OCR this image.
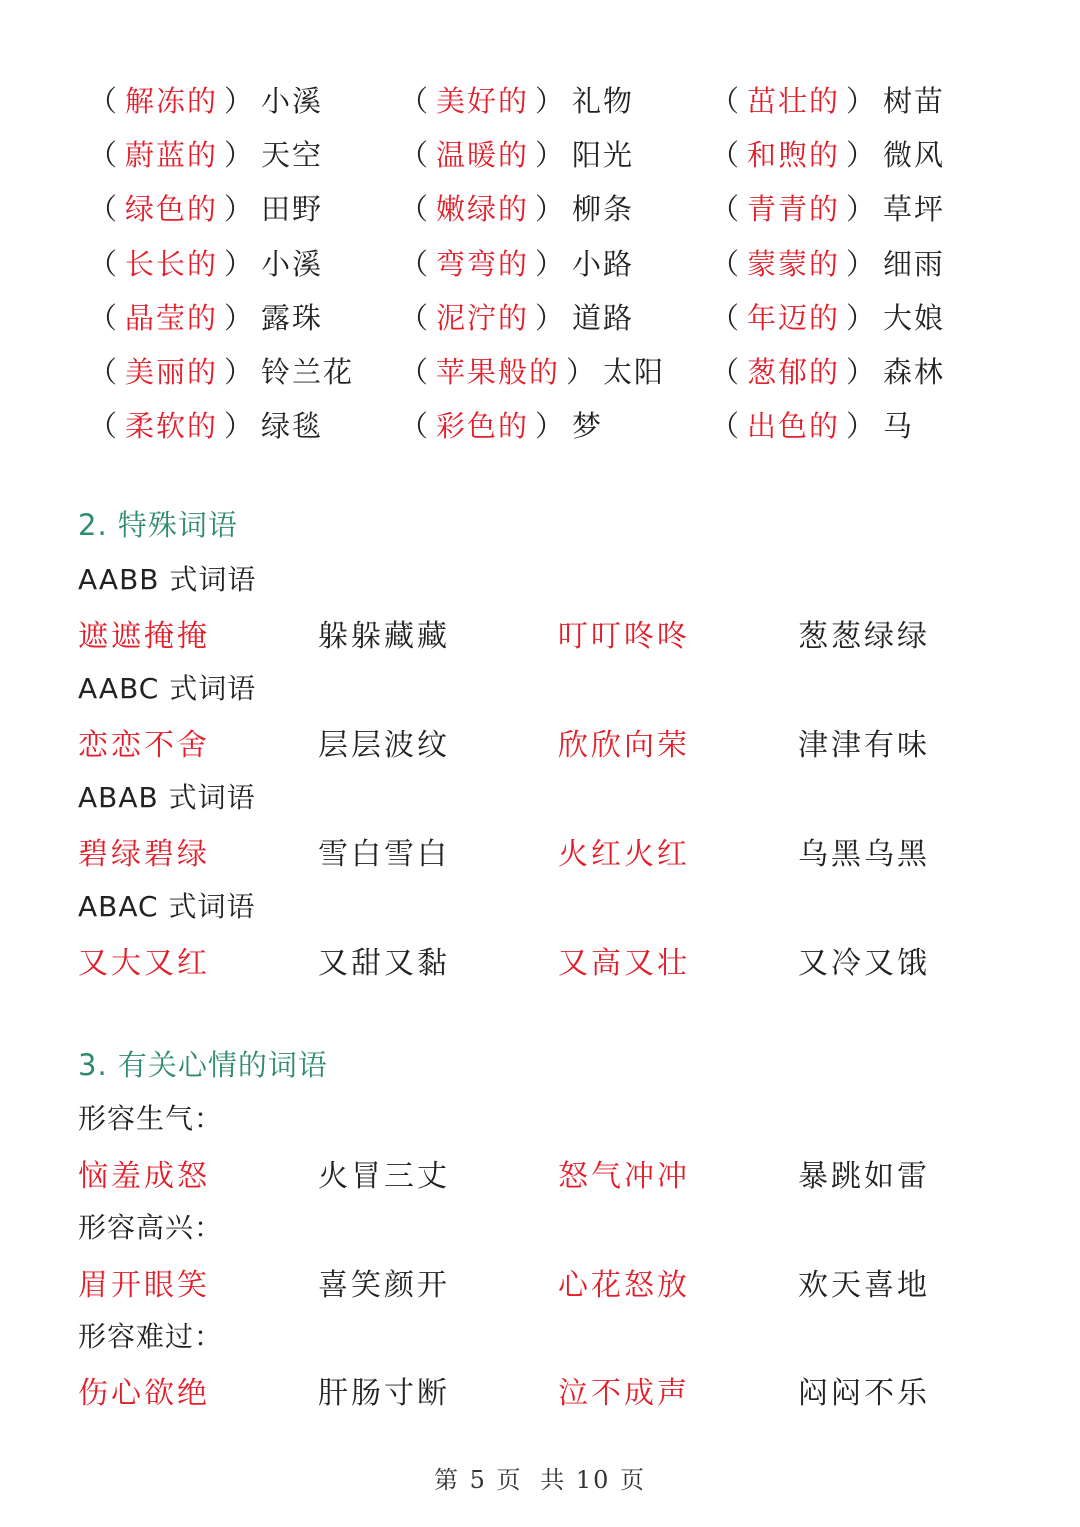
（ 解冻的 ） 小溪	（ 美好的 ） 礼物	（ 茁壮的 ） 树苗
（ 蔚蓝的 ） 天空	（ 温暖的 ） 阳光	（ 和煦的 ） 微风
（ 绿色的 ） 田野	（ 嫩绿的 ） 柳条	（ 青青的 ） 草坪
（ 长长的 ） 小溪	（ 弯弯的 ） 小路	（ 蒙蒙的 ） 细雨
（ 晶莹的 ） 露珠	（ 泥泞的 ） 道路	（ 年迈的 ） 大娘
（ 美丽的 ） 铃兰花 （ 苹果般的 ） 太阳 （ 葱郁的 ） 森林
（ 柔软的 ） 绿毯	（ 彩色的 ） 梦	（ 出色的 ） 马
2. 特殊词语
AABB 式词语
遮遮掩掩	躲躲藏藏	叮叮咚咚	葱葱绿绿
AABC 式词语
恋恋不舍	层层波纹	欣欣向荣	津津有味
ABAB 式词语
碧绿碧绿	雪白雪白	火红火红	乌黑乌黑
ABAC 式词语
又大又红	又甜又黏	又高又壮	又冷又饿
3. 有关心情的词语
形容生气：
恼羞成怒	火冒三丈	怒气冲冲	暴跳如雷
形容高兴：
眉开眼笑	喜笑颜开	心花怒放	欢天喜地
形容难过：
伤心欲绝	肝肠寸断	泣不成声	闷闷不乐
第 5 页 共 10 页
